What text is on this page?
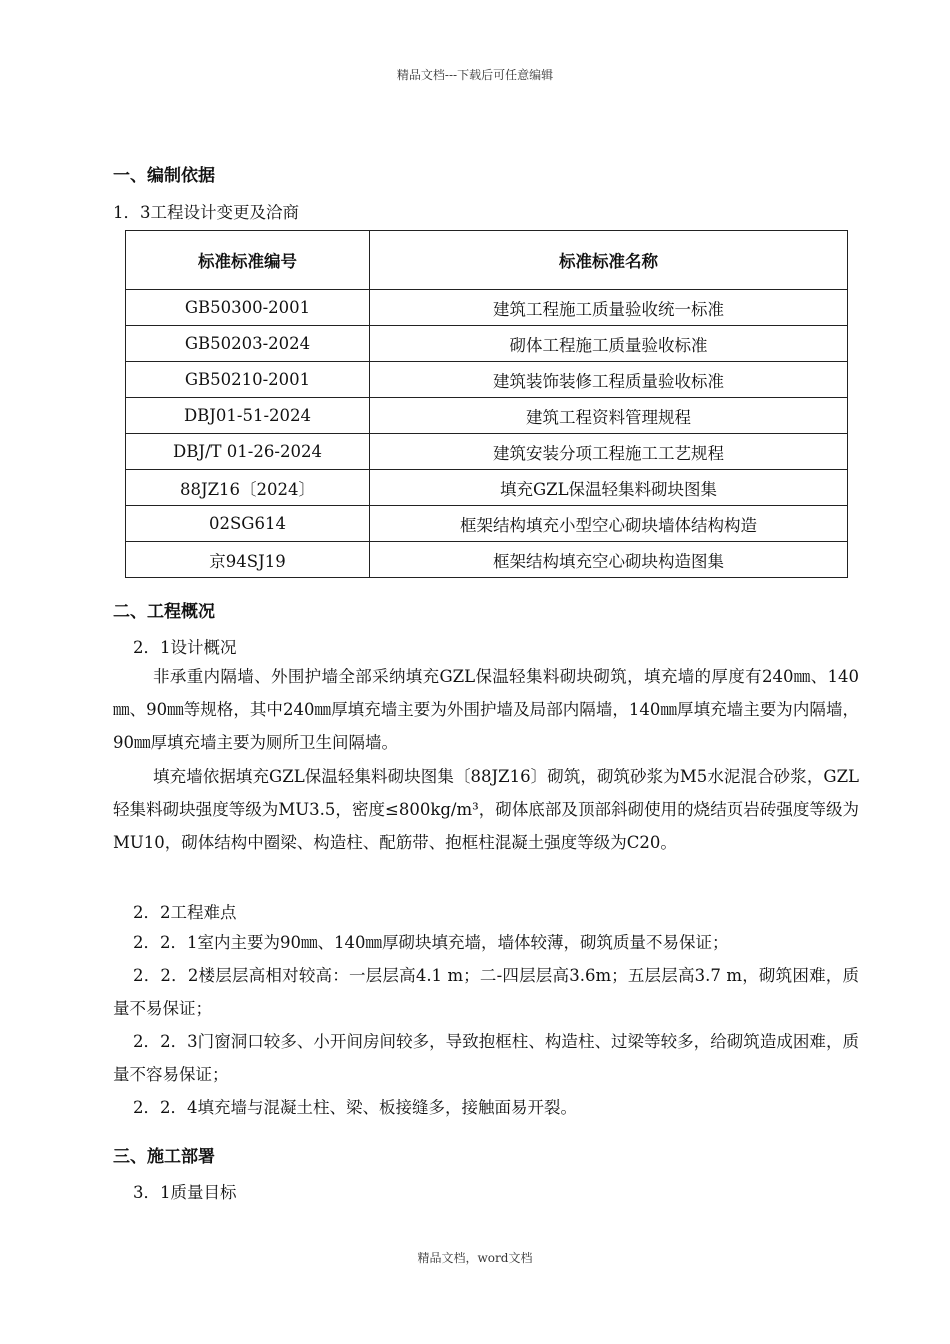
精品文档---下载后可任意编辑
一、编制依据
1．3工程设计变更及洽商
标准标准编号	标准标准名称
GB50300-2001	建筑工程施工质量验收统一标准
GB50203-2024	砌体工程施工质量验收标准
GB50210-2001	建筑装饰装修工程质量验收标准
DBJ01-51-2024	建筑工程资料管理规程
DBJ/T 01-26-2024	建筑安装分项工程施工工艺规程
88JZ16〔2024〕	填充GZL保温轻集料砌块图集
02SG614	框架结构填充小型空心砌块墙体结构构造
京94SJ19	框架结构填充空心砌块构造图集
二、工程概况
2．1设计概况
非承重内隔墙、外围护墙全部采纳填充GZL保温轻集料砌块砌筑，填充墙的厚度有240㎜、140㎜、90㎜等规格，其中240㎜厚填充墙主要为外围护墙及局部内隔墙，140㎜厚填充墙主要为内隔墙，90㎜厚填充墙主要为厕所卫生间隔墙。
填充墙依据填充GZL保温轻集料砌块图集〔88JZ16〕砌筑，砌筑砂浆为M5水泥混合砂浆，GZL轻集料砌块强度等级为MU3.5，密度≤800kg/m³，砌体底部及顶部斜砌使用的烧结页岩砖强度等级为MU10，砌体结构中圈梁、构造柱、配筋带、抱框柱混凝土强度等级为C20。
2．2工程难点
2．2．1室内主要为90㎜、140㎜厚砌块填充墙，墙体较薄，砌筑质量不易保证；
2．2．2楼层层高相对较高：一层层高4.1 m；二-四层层高3.6m；五层层高3.7 m，砌筑困难，质量不易保证；
2．2．3门窗洞口较多、小开间房间较多，导致抱框柱、构造柱、过梁等较多，给砌筑造成困难，质量不容易保证；
2．2．4填充墙与混凝土柱、梁、板接缝多，接触面易开裂。
三、施工部署
3．1质量目标
精品文档，word文档
